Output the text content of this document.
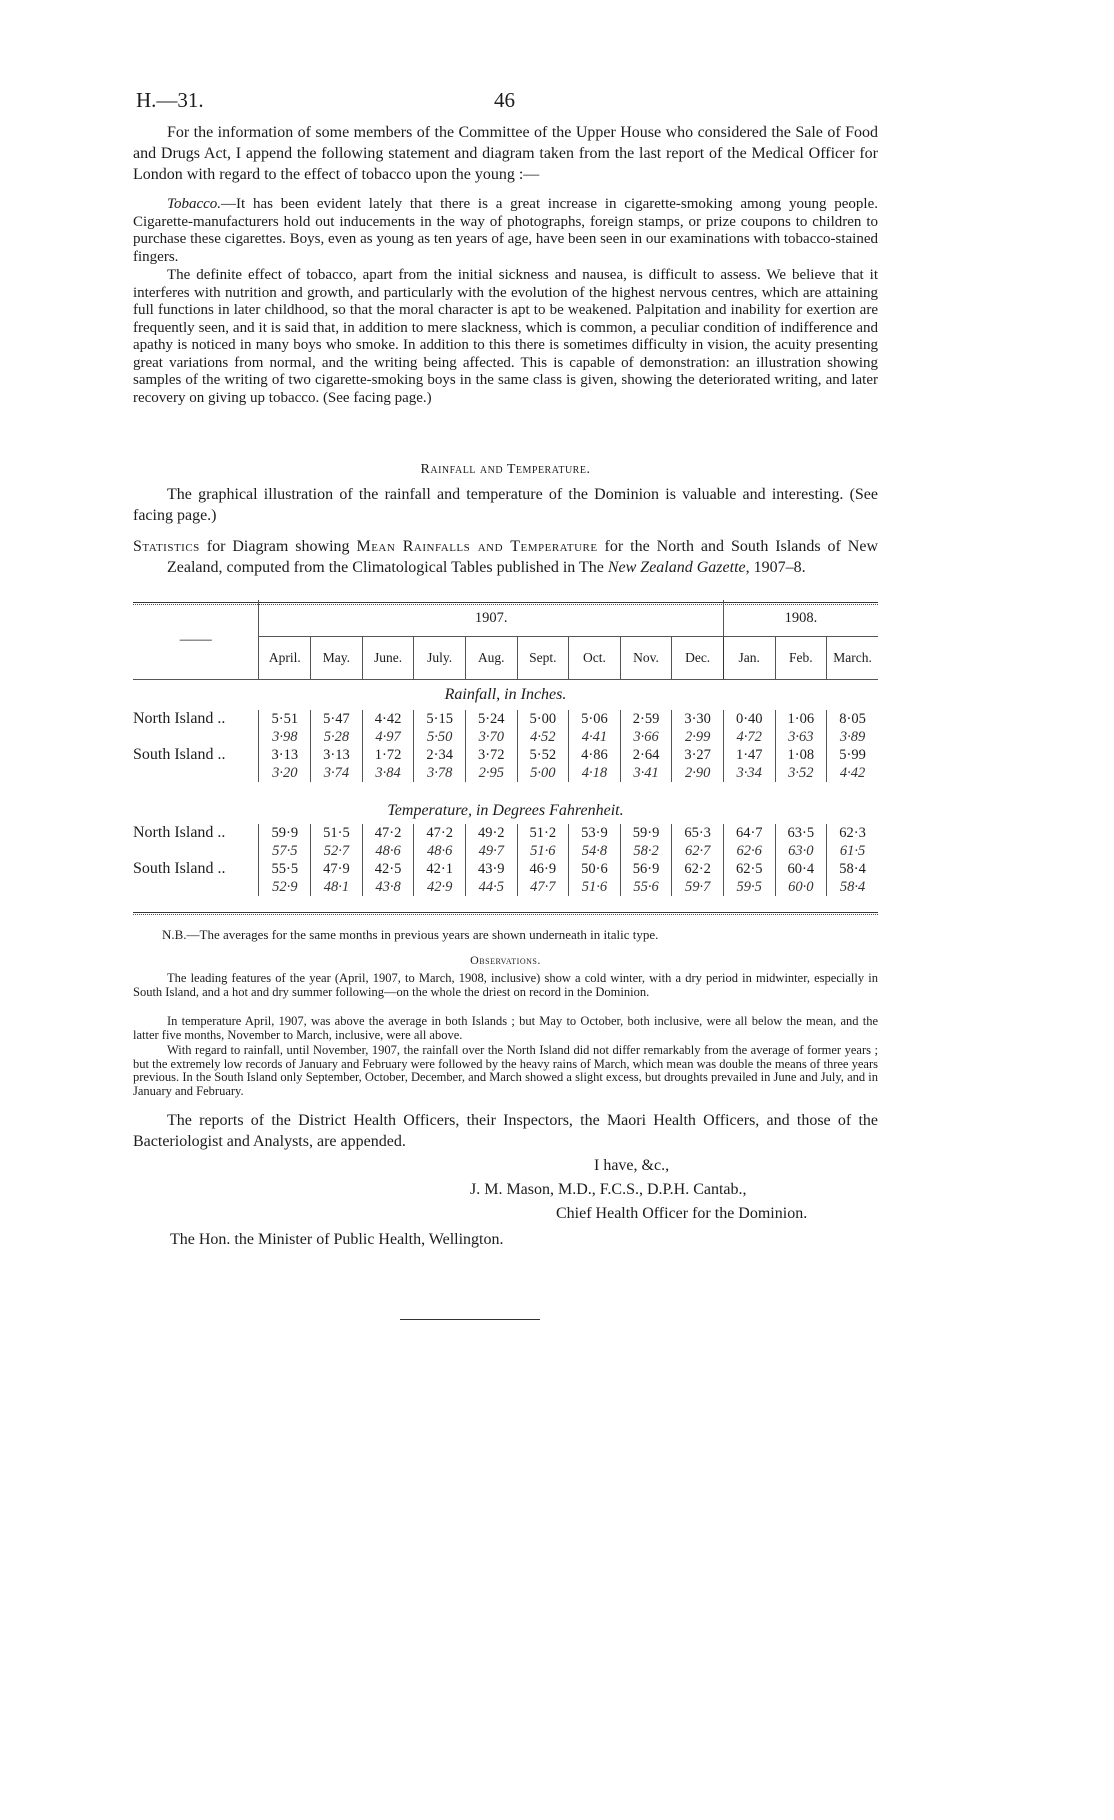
H.—31.	46

For the information of some members of the Committee of the Upper House who considered the Sale of Food and Drugs Act, I append the following statement and diagram taken from the last report of the Medical Officer for London with regard to the effect of tobacco upon the young :—

Tobacco.—It has been evident lately that there is a great increase in cigarette-smoking among young people. Cigarette-manufacturers hold out inducements in the way of photographs, foreign stamps, or prize coupons to children to purchase these cigarettes. Boys, even as young as ten years of age, have been seen in our examinations with tobacco-stained fingers.

The definite effect of tobacco, apart from the initial sickness and nausea, is difficult to assess. We believe that it interferes with nutrition and growth, and particularly with the evolution of the highest nervous centres, which are attaining full functions in later childhood, so that the moral character is apt to be weakened. Palpitation and inability for exertion are frequently seen, and it is said that, in addition to mere slackness, which is common, a peculiar condition of indifference and apathy is noticed in many boys who smoke. In addition to this there is sometimes difficulty in vision, the acuity presenting great variations from normal, and the writing being affected. This is capable of demonstration: an illustration showing samples of the writing of two cigarette-smoking boys in the same class is given, showing the deteriorated writing, and later recovery on giving up tobacco. (See facing page.)

Rainfall and Temperature.

The graphical illustration of the rainfall and temperature of the Dominion is valuable and interesting. (See facing page.)

Statistics for Diagram showing Mean Rainfalls and Temperature for the North and South Islands of New Zealand, computed from the Climatological Tables published in The New Zealand Gazette, 1907–8.

——	1907.									1908.		
	April.	May.	June.	July.	Aug.	Sept.	Oct.	Nov.	Dec.	Jan.	Feb.	March.
Rainfall, in Inches.												
North Island ..	5·51	5·47	4·42	5·15	5·24	5·00	5·06	2·59	3·30	0·40	1·06	8·05
	3·98	5·28	4·97	5·50	3·70	4·52	4·41	3·66	2·99	4·72	3·63	3·89
South Island ..	3·13	3·13	1·72	2·34	3·72	5·52	4·86	2·64	3·27	1·47	1·08	5·99
	3·20	3·74	3·84	3·78	2·95	5·00	4·18	3·41	2·90	3·34	3·52	4·42
Temperature, in Degrees Fahrenheit.												
North Island ..	59·9	51·5	47·2	47·2	49·2	51·2	53·9	59·9	65·3	64·7	63·5	62·3
	57·5	52·7	48·6	48·6	49·7	51·6	54·8	58·2	62·7	62·6	63·0	61·5
South Island ..	55·5	47·9	42·5	42·1	43·9	46·9	50·6	56·9	62·2	62·5	60·4	58·4
	52·9	48·1	43·8	42·9	44·5	47·7	51·6	55·6	59·7	59·5	60·0	58·4

N.B.—The averages for the same months in previous years are shown underneath in italic type.
Observations.

The leading features of the year (April, 1907, to March, 1908, inclusive) show a cold winter, with a dry period in midwinter, especially in South Island, and a hot and dry summer following—on the whole the driest on record in the Dominion.

In temperature April, 1907, was above the average in both Islands ; but May to October, both inclusive, were all below the mean, and the latter five months, November to March, inclusive, were all above.

With regard to rainfall, until November, 1907, the rainfall over the North Island did not differ remarkably from the average of former years ; but the extremely low records of January and February were followed by the heavy rains of March, which mean was double the means of three years previous. In the South Island only September, October, December, and March showed a slight excess, but droughts prevailed in June and July, and in January and February.

The reports of the District Health Officers, their Inspectors, the Maori Health Officers, and those of the Bacteriologist and Analysts, are appended.

I have, &c.,
J. M. Mason, M.D., F.C.S., D.P.H. Cantab.,
Chief Health Officer for the Dominion.
The Hon. the Minister of Public Health, Wellington.
